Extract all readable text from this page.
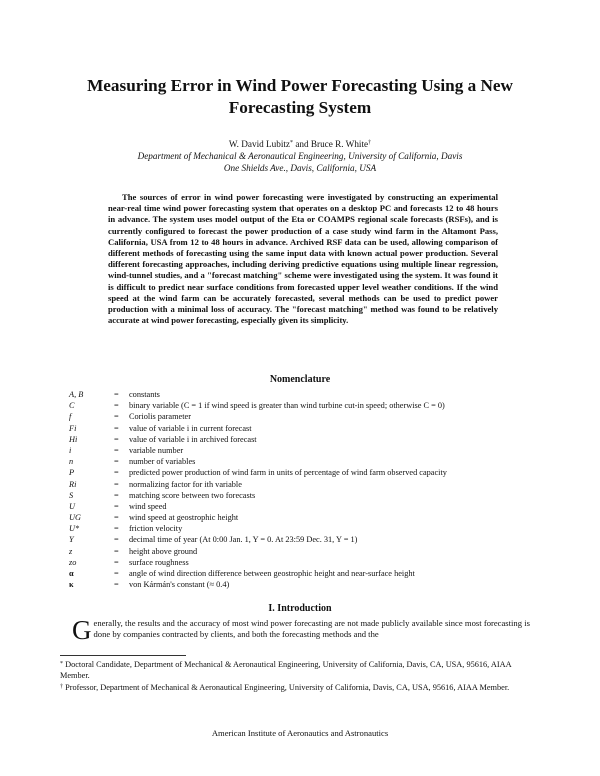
Measuring Error in Wind Power Forecasting Using a New
Forecasting System
W. David Lubitz* and Bruce R. White†
Department of Mechanical & Aeronautical Engineering, University of California, Davis
One Shields Ave., Davis, California, USA

The sources of error in wind power forecasting were investigated by constructing an experimental near-real time wind power forecasting system that operates on a desktop PC and forecasts 12 to 48 hours in advance. The system uses model output of the Eta or COAMPS regional scale forecasts (RSFs), and is currently configured to forecast the power production of a case study wind farm in the Altamont Pass, California, USA from 12 to 48 hours in advance. Archived RSF data can be used, allowing comparison of different methods of forecasting using the same input data with known actual power production. Several different forecasting approaches, including deriving predictive equations using multiple linear regression, wind-tunnel studies, and a "forecast matching" scheme were investigated using the system. It was found it is difficult to predict near surface conditions from forecasted upper level weather conditions. If the wind speed at the wind farm can be accurately forecasted, several methods can be used to predict power production with a minimal loss of accuracy. The "forecast matching" method was found to be relatively accurate at wind power forecasting, especially given its simplicity.

Nomenclature
A, B	=	constants
C	=	binary variable (C = 1 if wind speed is greater than wind turbine cut-in speed; otherwise C = 0)
f	=	Coriolis parameter
Fi	=	value of variable i in current forecast
Hi	=	value of variable i in archived forecast
i	=	variable number
n	=	number of variables
P	=	predicted power production of wind farm in units of percentage of wind farm observed capacity
Ri	=	normalizing factor for ith variable
S	=	matching score between two forecasts
U	=	wind speed
UG	=	wind speed at geostrophic height
U*	=	friction velocity
Y	=	decimal time of year (At 0:00 Jan. 1, Y = 0. At 23:59 Dec. 31, Y = 1)
z	=	height above ground
zo	=	surface roughness
α	=	angle of wind direction difference between geostrophic height and near-surface height
κ	=	von Kármán's constant (≈ 0.4)
I. Introduction

Generally, the results and the accuracy of most wind power forecasting are not made publicly available since most forecasting is done by companies contracted by clients, and both the forecasting methods and the

* Doctoral Candidate, Department of Mechanical & Aeronautical Engineering, University of California, Davis, CA, USA, 95616, AIAA Member.
† Professor, Department of Mechanical & Aeronautical Engineering, University of California, Davis, CA, USA, 95616, AIAA Member.
American Institute of Aeronautics and Astronautics
